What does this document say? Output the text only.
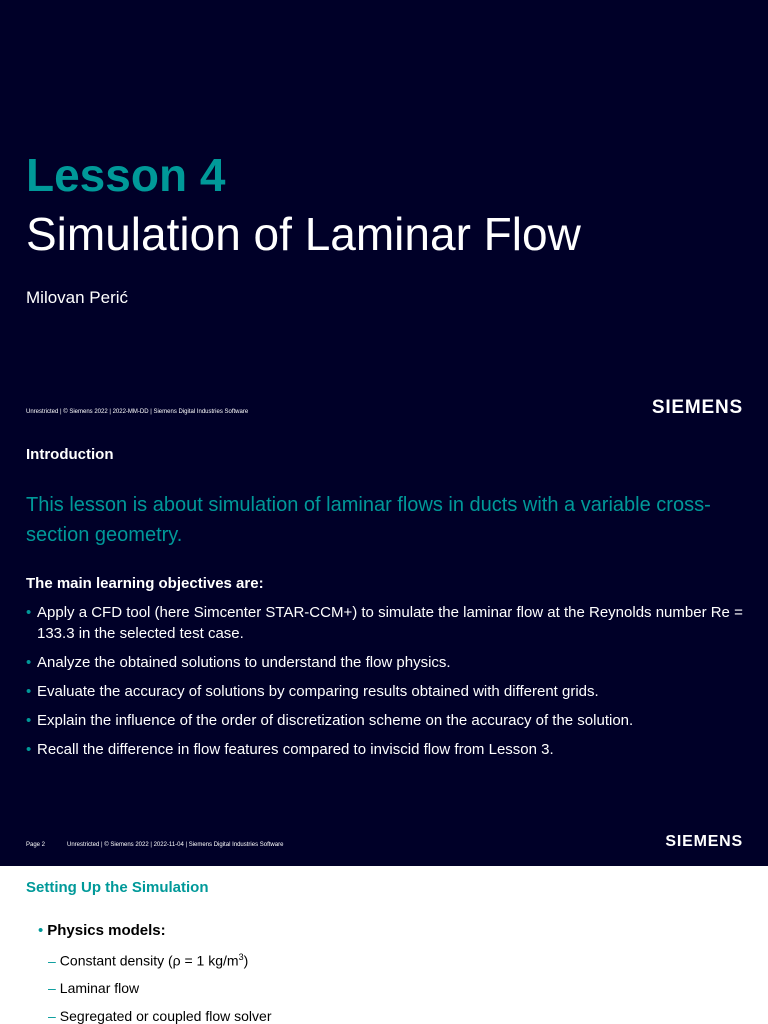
Lesson 4
Simulation of Laminar Flow
Milovan Perić
Unrestricted | © Siemens 2022 | 2022-MM-DD | Siemens Digital Industries Software	SIEMENS
Introduction
This lesson is about simulation of laminar flows in ducts with a variable cross-section geometry.
The main learning objectives are:
• Apply a CFD tool (here Simcenter STAR-CCM+) to simulate the laminar flow at the Reynolds number Re = 133.3 in the selected test case.
• Analyze the obtained solutions to understand the flow physics.
• Evaluate the accuracy of solutions by comparing results obtained with different grids.
• Explain the influence of the order of discretization scheme on the accuracy of the solution.
• Recall the difference in flow features compared to inviscid flow from Lesson 3.
Page 2	Unrestricted | © Siemens 2022 | 2022-11-04 | Siemens Digital Industries Software	SIEMENS
Setting Up the Simulation
• Physics models:
– Constant density (ρ = 1 $kg/m^3$)
– Laminar flow
– Segregated or coupled flow solver
